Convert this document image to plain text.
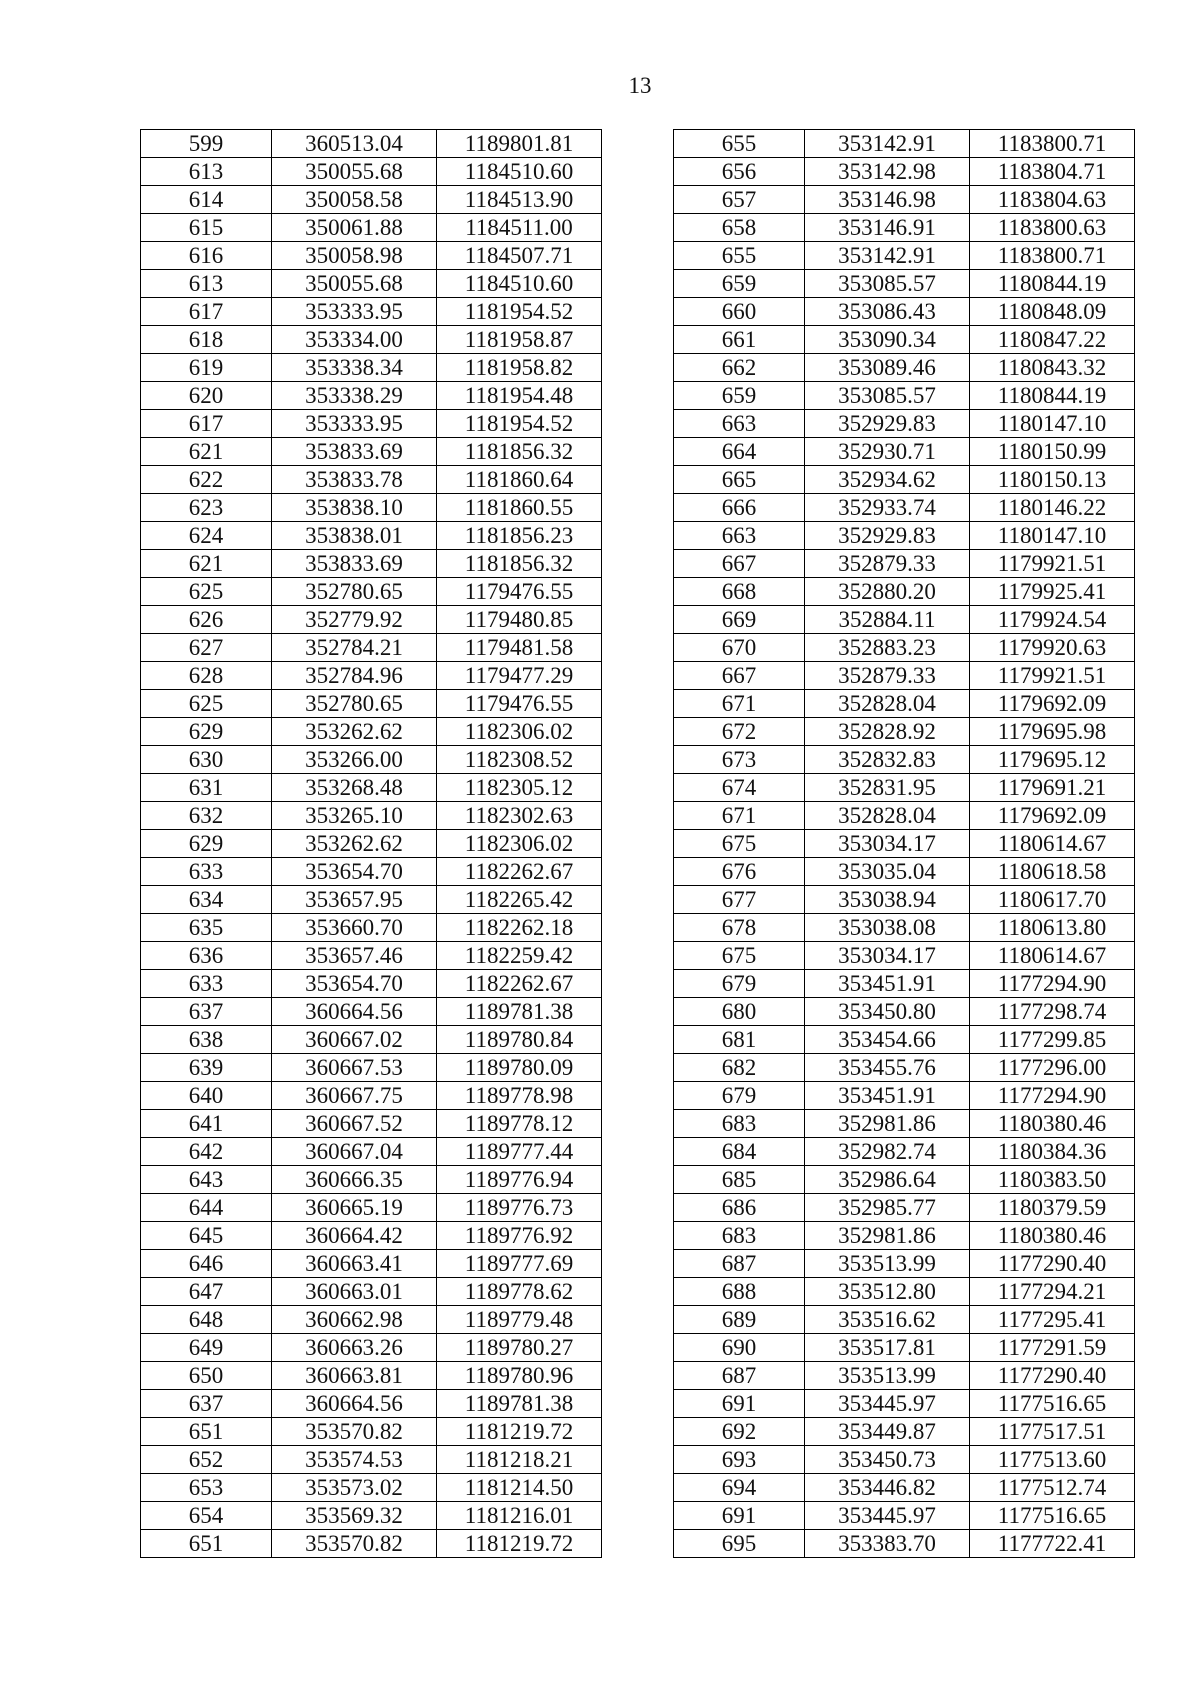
13
599	360513.04	1189801.81
613	350055.68	1184510.60
614	350058.58	1184513.90
615	350061.88	1184511.00
616	350058.98	1184507.71
613	350055.68	1184510.60
617	353333.95	1181954.52
618	353334.00	1181958.87
619	353338.34	1181958.82
620	353338.29	1181954.48
617	353333.95	1181954.52
621	353833.69	1181856.32
622	353833.78	1181860.64
623	353838.10	1181860.55
624	353838.01	1181856.23
621	353833.69	1181856.32
625	352780.65	1179476.55
626	352779.92	1179480.85
627	352784.21	1179481.58
628	352784.96	1179477.29
625	352780.65	1179476.55
629	353262.62	1182306.02
630	353266.00	1182308.52
631	353268.48	1182305.12
632	353265.10	1182302.63
629	353262.62	1182306.02
633	353654.70	1182262.67
634	353657.95	1182265.42
635	353660.70	1182262.18
636	353657.46	1182259.42
633	353654.70	1182262.67
637	360664.56	1189781.38
638	360667.02	1189780.84
639	360667.53	1189780.09
640	360667.75	1189778.98
641	360667.52	1189778.12
642	360667.04	1189777.44
643	360666.35	1189776.94
644	360665.19	1189776.73
645	360664.42	1189776.92
646	360663.41	1189777.69
647	360663.01	1189778.62
648	360662.98	1189779.48
649	360663.26	1189780.27
650	360663.81	1189780.96
637	360664.56	1189781.38
651	353570.82	1181219.72
652	353574.53	1181218.21
653	353573.02	1181214.50
654	353569.32	1181216.01
651	353570.82	1181219.72
655	353142.91	1183800.71
656	353142.98	1183804.71
657	353146.98	1183804.63
658	353146.91	1183800.63
655	353142.91	1183800.71
659	353085.57	1180844.19
660	353086.43	1180848.09
661	353090.34	1180847.22
662	353089.46	1180843.32
659	353085.57	1180844.19
663	352929.83	1180147.10
664	352930.71	1180150.99
665	352934.62	1180150.13
666	352933.74	1180146.22
663	352929.83	1180147.10
667	352879.33	1179921.51
668	352880.20	1179925.41
669	352884.11	1179924.54
670	352883.23	1179920.63
667	352879.33	1179921.51
671	352828.04	1179692.09
672	352828.92	1179695.98
673	352832.83	1179695.12
674	352831.95	1179691.21
671	352828.04	1179692.09
675	353034.17	1180614.67
676	353035.04	1180618.58
677	353038.94	1180617.70
678	353038.08	1180613.80
675	353034.17	1180614.67
679	353451.91	1177294.90
680	353450.80	1177298.74
681	353454.66	1177299.85
682	353455.76	1177296.00
679	353451.91	1177294.90
683	352981.86	1180380.46
684	352982.74	1180384.36
685	352986.64	1180383.50
686	352985.77	1180379.59
683	352981.86	1180380.46
687	353513.99	1177290.40
688	353512.80	1177294.21
689	353516.62	1177295.41
690	353517.81	1177291.59
687	353513.99	1177290.40
691	353445.97	1177516.65
692	353449.87	1177517.51
693	353450.73	1177513.60
694	353446.82	1177512.74
691	353445.97	1177516.65
695	353383.70	1177722.41
